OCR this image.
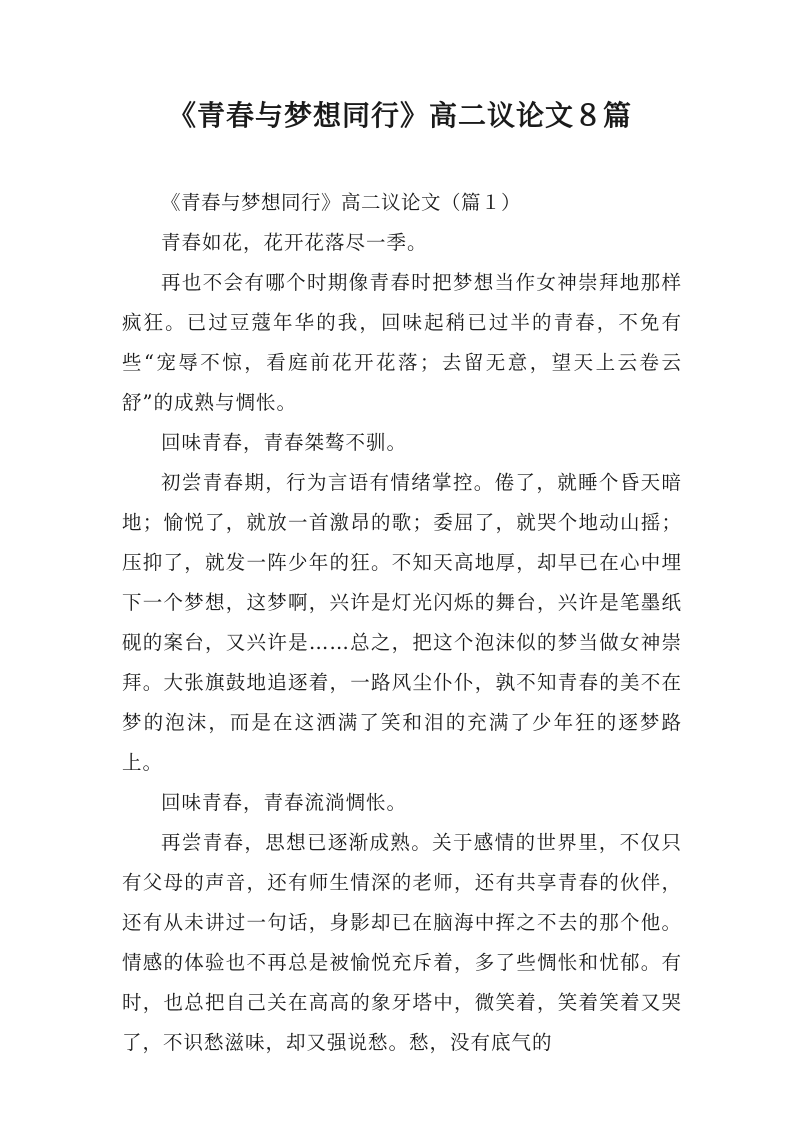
《青春与梦想同行》高二议论文８篇

《青春与梦想同行》高二议论文（篇１）

青春如花，花开花落尽一季。

再也不会有哪个时期像青春时把梦想当作女神崇拜地那样疯狂。已过豆蔻年华的我，回味起稍已过半的青春，不免有些“宠辱不惊，看庭前花开花落；去留无意，望天上云卷云舒”的成熟与惆怅。

回味青春，青春桀骜不驯。

初尝青春期，行为言语有情绪掌控。倦了，就睡个昏天暗地；愉悦了，就放一首激昂的歌；委屈了，就哭个地动山摇；压抑了，就发一阵少年的狂。不知天高地厚，却早已在心中埋下一个梦想，这梦啊，兴许是灯光闪烁的舞台，兴许是笔墨纸砚的案台，又兴许是……总之，把这个泡沫似的梦当做女神崇拜。大张旗鼓地追逐着，一路风尘仆仆，孰不知青春的美不在梦的泡沫，而是在这洒满了笑和泪的充满了少年狂的逐梦路上。

回味青春，青春流淌惆怅。

再尝青春，思想已逐渐成熟。关于感情的世界里，不仅只有父母的声音，还有师生情深的老师，还有共享青春的伙伴，还有从未讲过一句话，身影却已在脑海中挥之不去的那个他。情感的体验也不再总是被愉悦充斥着，多了些惆怅和忧郁。有时，也总把自己关在高高的象牙塔中，微笑着，笑着笑着又哭了，不识愁滋味，却又强说愁。愁，没有底气的
